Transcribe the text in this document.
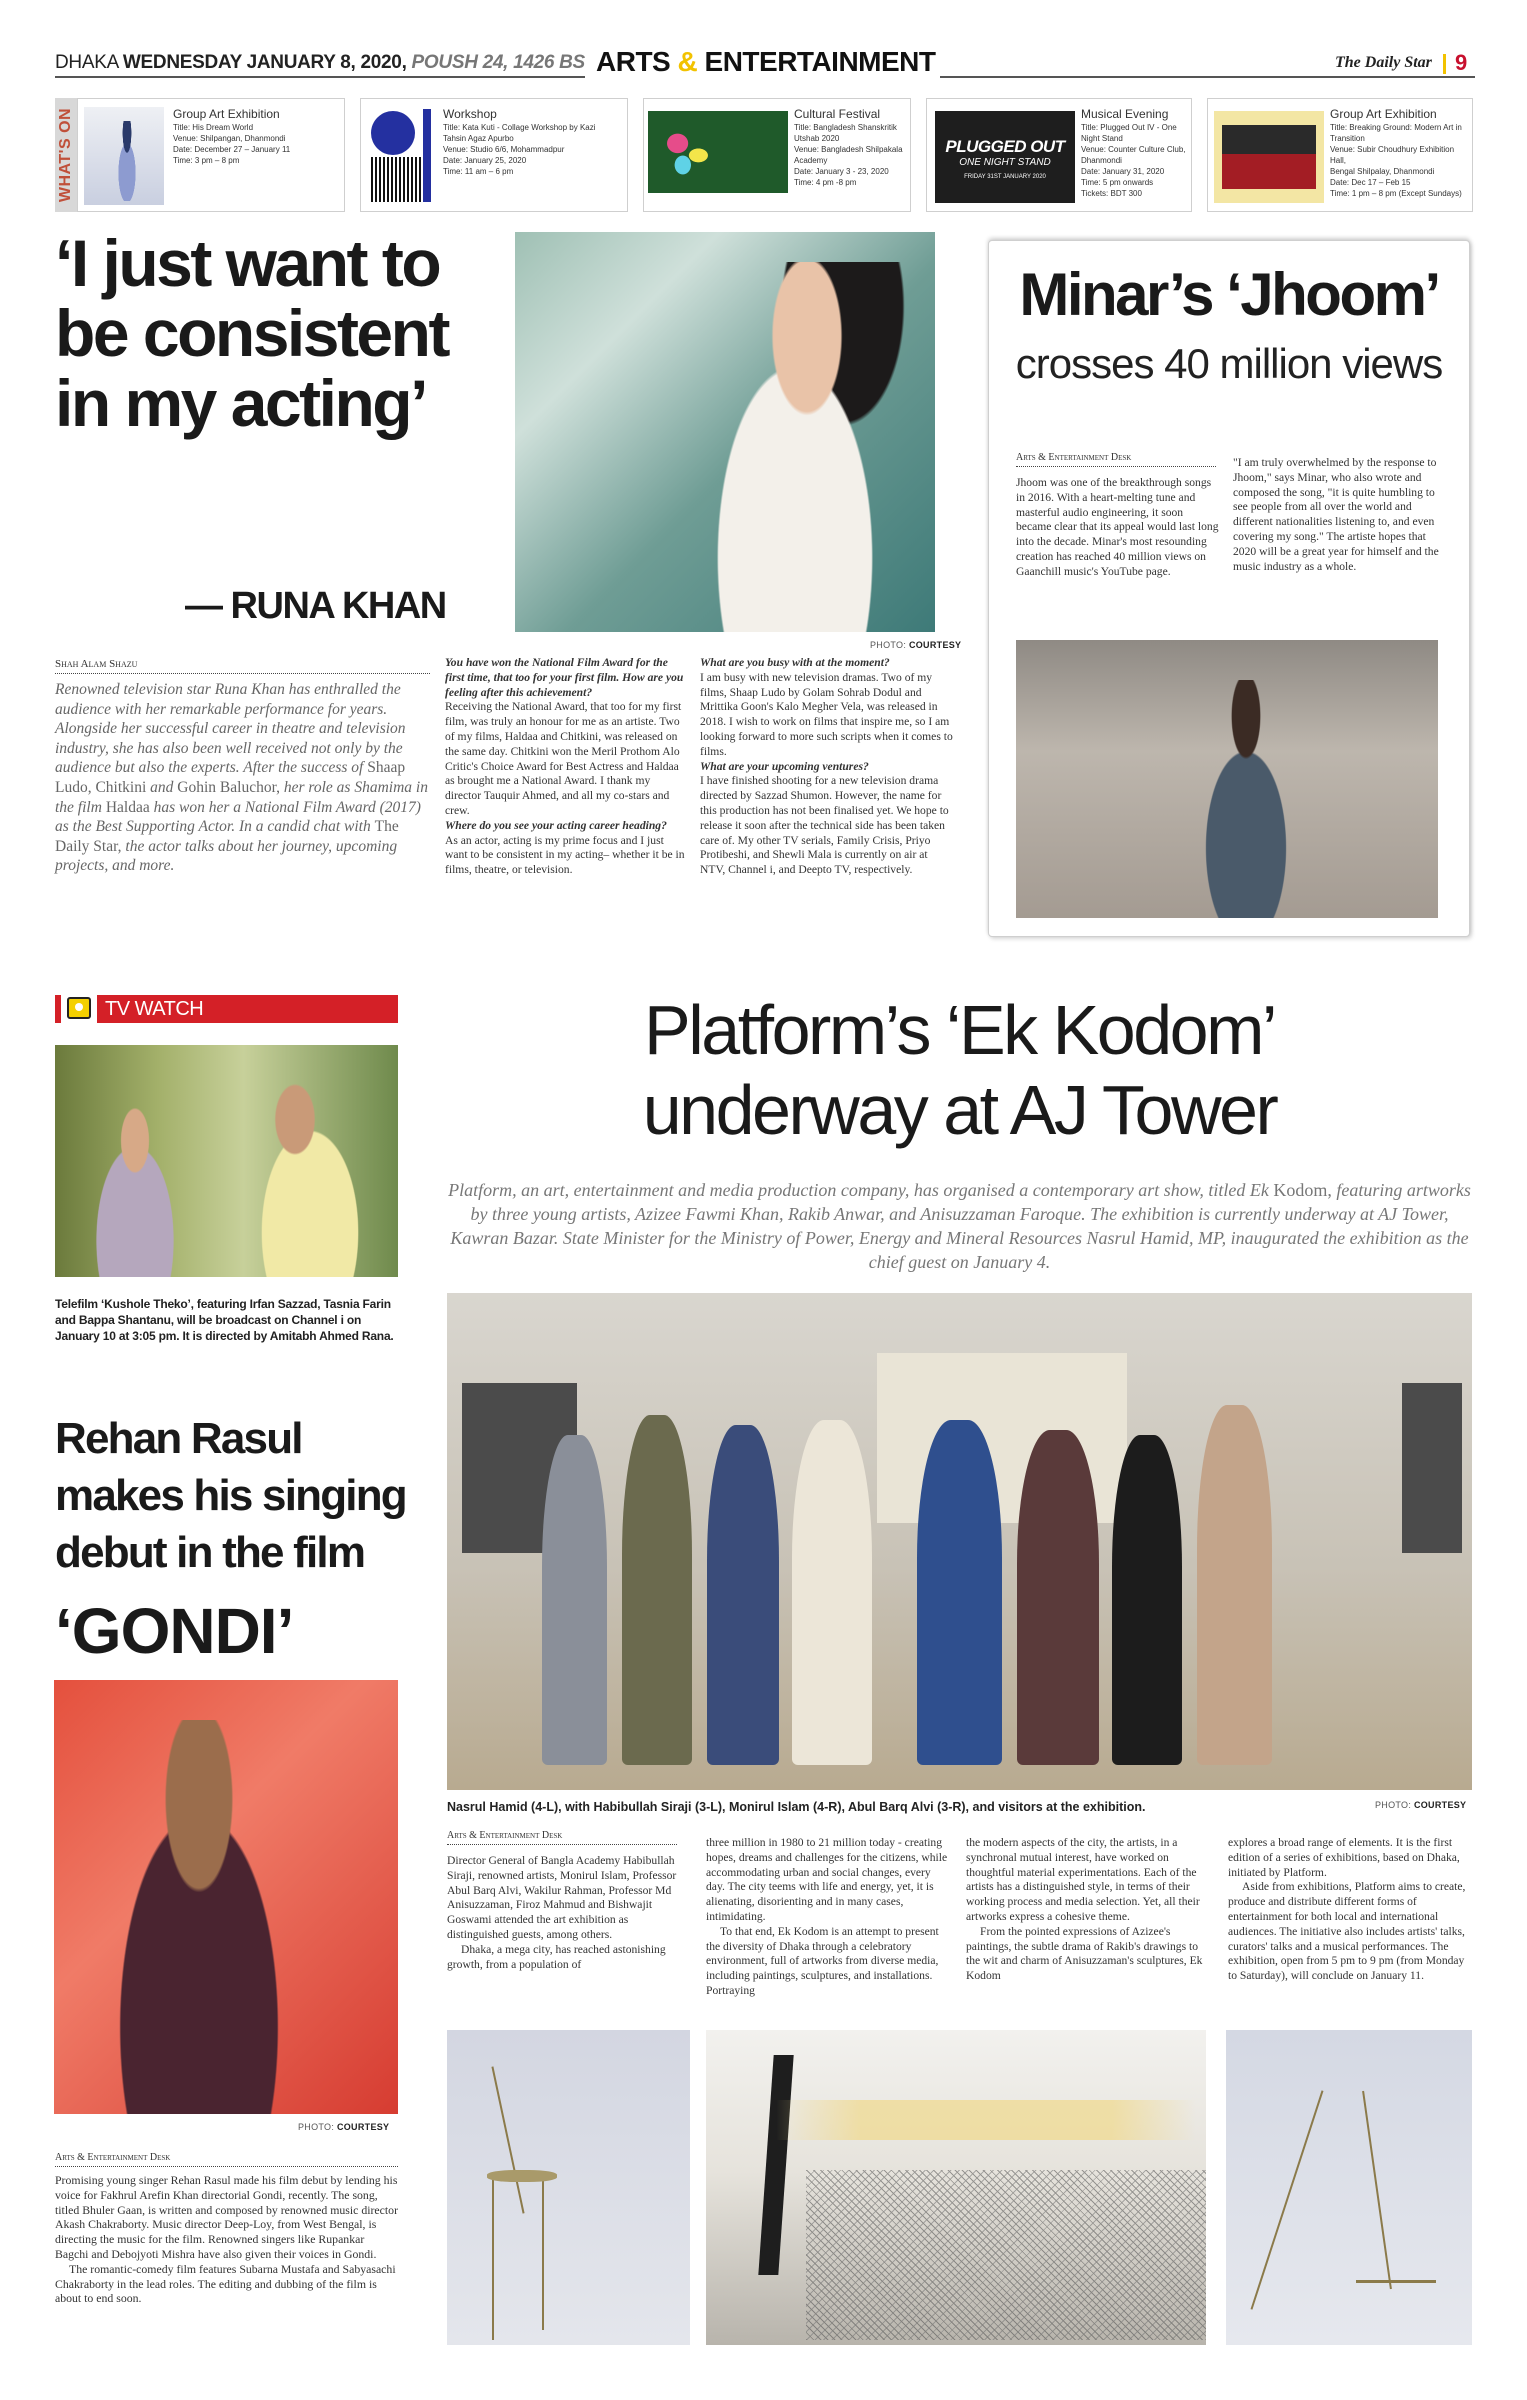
DHAKA WEDNESDAY JANUARY 8, 2020, POUSH 24, 1426 BS ARTS & ENTERTAINMENT	The Daily Star 9
WHAT'S ON	Group Art Exhibition
Title: His Dream World
Venue: Shilpangan, Dhanmondi
Date: December 27 – January 11
Time: 3 pm – 8 pm
Workshop
Title: Kata Kuti - Collage Workshop by Kazi
Tahsin Agaz Apurbo
Venue: Studio 6/6, Mohammadpur
Date: January 25, 2020
Time: 11 am – 6 pm
Cultural Festival
Title: Bangladesh Shanskritik
Utshab 2020
Venue: Bangladesh Shilpakala
Academy
Date: January 3 - 23, 2020
Time: 4 pm -8 pm
PLUGGED OUT
ONE NIGHT STAND
FRIDAY 31ST JANUARY 2020
Musical Evening
Title: Plugged Out IV - One
Night Stand
Venue: Counter Culture Club,
Dhanmondi
Date: January 31, 2020
Time: 5 pm onwards
Tickets: BDT 300
Group Art Exhibition
Title: Breaking Ground: Modern Art in
Transition
Venue: Subir Choudhury Exhibition Hall,
Bengal Shilpalay, Dhanmondi
Date: Dec 17 – Feb 15
Time: 1 pm – 8 pm (Except Sundays)
‘I just want to be consistent in my acting’
— RUNA KHAN
PHOTO: COURTESY
Shah Alam Shazu

Renowned television star Runa Khan has enthralled the audience with her remarkable performance for years. Alongside her successful career in theatre and television industry, she has also been well received not only by the audience but also the experts. After the success of Shaap Ludo, Chitkini and Gohin Baluchor, her role as Shamima in the film Haldaa has won her a National Film Award (2017) as the Best Supporting Actor. In a candid chat with The Daily Star, the actor talks about her journey, upcoming projects, and more.

You have won the National Film Award for the first time, that too for your first film. How are you feeling after this achievement?
Receiving the National Award, that too for my first film, was truly an honour for me as an artiste. Two of my films, Haldaa and Chitkini, was released on the same day. Chitkini won the Meril Prothom Alo Critic's Choice Award for Best Actress and Haldaa as brought me a National Award. I thank my director Tauquir Ahmed, and all my co-stars and crew.
Where do you see your acting career heading?
As an actor, acting is my prime focus and I just want to be consistent in my acting– whether it be in films, theatre, or television.
What are you busy with at the moment?
I am busy with new television dramas. Two of my films, Shaap Ludo by Golam Sohrab Dodul and Mrittika Goon's Kalo Megher Vela, was released in 2018. I wish to work on films that inspire me, so I am looking forward to more such scripts when it comes to films.
What are your upcoming ventures?
I have finished shooting for a new television drama directed by Sazzad Shumon. However, the name for this production has not been finalised yet. We hope to release it soon after the technical side has been taken care of. My other TV serials, Family Crisis, Priyo Protibeshi, and Shewli Mala is currently on air at NTV, Channel i, and Deepto TV, respectively.
Minar’s ‘Jhoom’
crosses 40 million views
Arts & Entertainment Desk
Jhoom was one of the breakthrough songs in 2016. With a heart-melting tune and masterful audio engineering, it soon became clear that its appeal would last long into the decade. Minar's most resounding creation has reached 40 million views on Gaanchill music's YouTube page.
"I am truly overwhelmed by the response to Jhoom," says Minar, who also wrote and composed the song, "it is quite humbling to see people from all over the world and different nationalities listening to, and even covering my song." The artiste hopes that 2020 will be a great year for himself and the music industry as a whole.
TV WATCH
Telefilm ‘Kushole Theko’, featuring Irfan Sazzad, Tasnia Farin and Bappa Shantanu, will be broadcast on Channel i on January 10 at 3:05 pm. It is directed by Amitabh Ahmed Rana.
Rehan Rasul makes his singing debut in the film
‘GONDI’
PHOTO: COURTESY
Arts & Entertainment Desk
Promising young singer Rehan Rasul made his film debut by lending his voice for Fakhrul Arefin Khan directorial Gondi, recently. The song, titled Bhuler Gaan, is written and composed by renowned music director Akash Chakraborty. Music director Deep-Loy, from West Bengal, is directing the music for the film. Renowned singers like Rupankar Bagchi and Debojyoti Mishra have also given their voices in Gondi.
The romantic-comedy film features Subarna Mustafa and Sabyasachi Chakraborty in the lead roles. The editing and dubbing of the film is about to end soon.
Platform’s ‘Ek Kodom’
underway at AJ Tower

Platform, an art, entertainment and media production company, has organised a contemporary art show, titled Ek Kodom, featuring artworks by three young artists, Azizee Fawmi Khan, Rakib Anwar, and Anisuzzaman Faroque. The exhibition is currently underway at AJ Tower, Kawran Bazar. State Minister for the Ministry of Power, Energy and Mineral Resources Nasrul Hamid, MP, inaugurated the exhibition as the chief guest on January 4.

Nasrul Hamid (4-L), with Habibullah Siraji (3-L), Monirul Islam (4-R), Abul Barq Alvi (3-R), and visitors at the exhibition.	PHOTO: COURTESY
Arts & Entertainment Desk
Director General of Bangla Academy Habibullah Siraji, renowned artists, Monirul Islam, Professor Abul Barq Alvi, Wakilur Rahman, Professor Md Anisuzzaman, Firoz Mahmud and Bishwajit Goswami attended the art exhibition as distinguished guests, among others.
Dhaka, a mega city, has reached astonishing growth, from a population of
three million in 1980 to 21 million today - creating hopes, dreams and challenges for the citizens, while accommodating urban and social changes, every day. The city teems with life and energy, yet, it is alienating, disorienting and in many cases, intimidating.
To that end, Ek Kodom is an attempt to present the diversity of Dhaka through a celebratory environment, full of artworks from diverse media, including paintings, sculptures, and installations. Portraying
the modern aspects of the city, the artists, in a synchronal mutual interest, have worked on thoughtful material experimentations. Each of the artists has a distinguished style, in terms of their working process and media selection. Yet, all their artworks express a cohesive theme.
From the pointed expressions of Azizee's paintings, the subtle drama of Rakib's drawings to the wit and charm of Anisuzzaman's sculptures, Ek Kodom
explores a broad range of elements. It is the first edition of a series of exhibitions, based on Dhaka, initiated by Platform.
Aside from exhibitions, Platform aims to create, produce and distribute different forms of entertainment for both local and international audiences. The initiative also includes artists' talks, curators' talks and a musical performances. The exhibition, open from 5 pm to 9 pm (from Monday to Saturday), will conclude on January 11.
